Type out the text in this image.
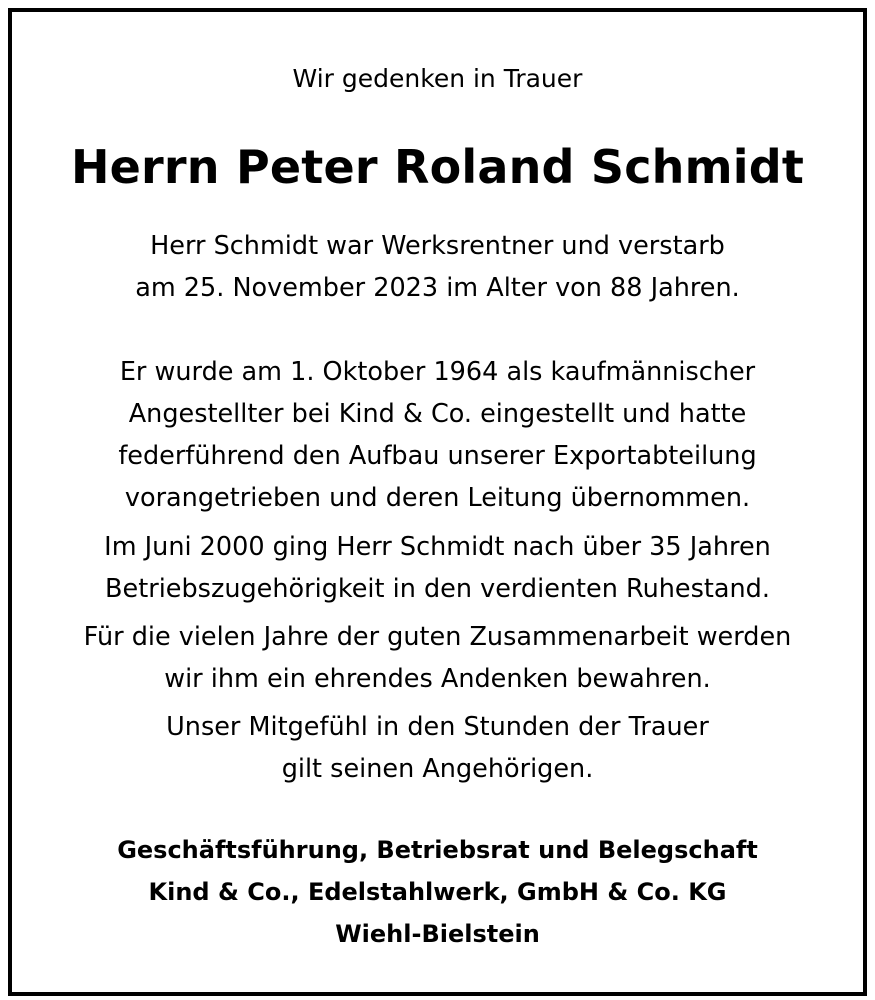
Wir gedenken in Trauer
Herrn Peter Roland Schmidt
Herr Schmidt war Werksrentner und verstarb
am 25. November 2023 im Alter von 88 Jahren.
Er wurde am 1. Oktober 1964 als kaufmännischer
Angestellter bei Kind & Co. eingestellt und hatte
federführend den Aufbau unserer Exportabteilung
vorangetrieben und deren Leitung übernommen.
Im Juni 2000 ging Herr Schmidt nach über 35 Jahren
Betriebszugehörigkeit in den verdienten Ruhestand.
Für die vielen Jahre der guten Zusammenarbeit werden
wir ihm ein ehrendes Andenken bewahren.
Unser Mitgefühl in den Stunden der Trauer
gilt seinen Angehörigen.
Geschäftsführung, Betriebsrat und Belegschaft
Kind & Co., Edelstahlwerk, GmbH & Co. KG
Wiehl-Bielstein
